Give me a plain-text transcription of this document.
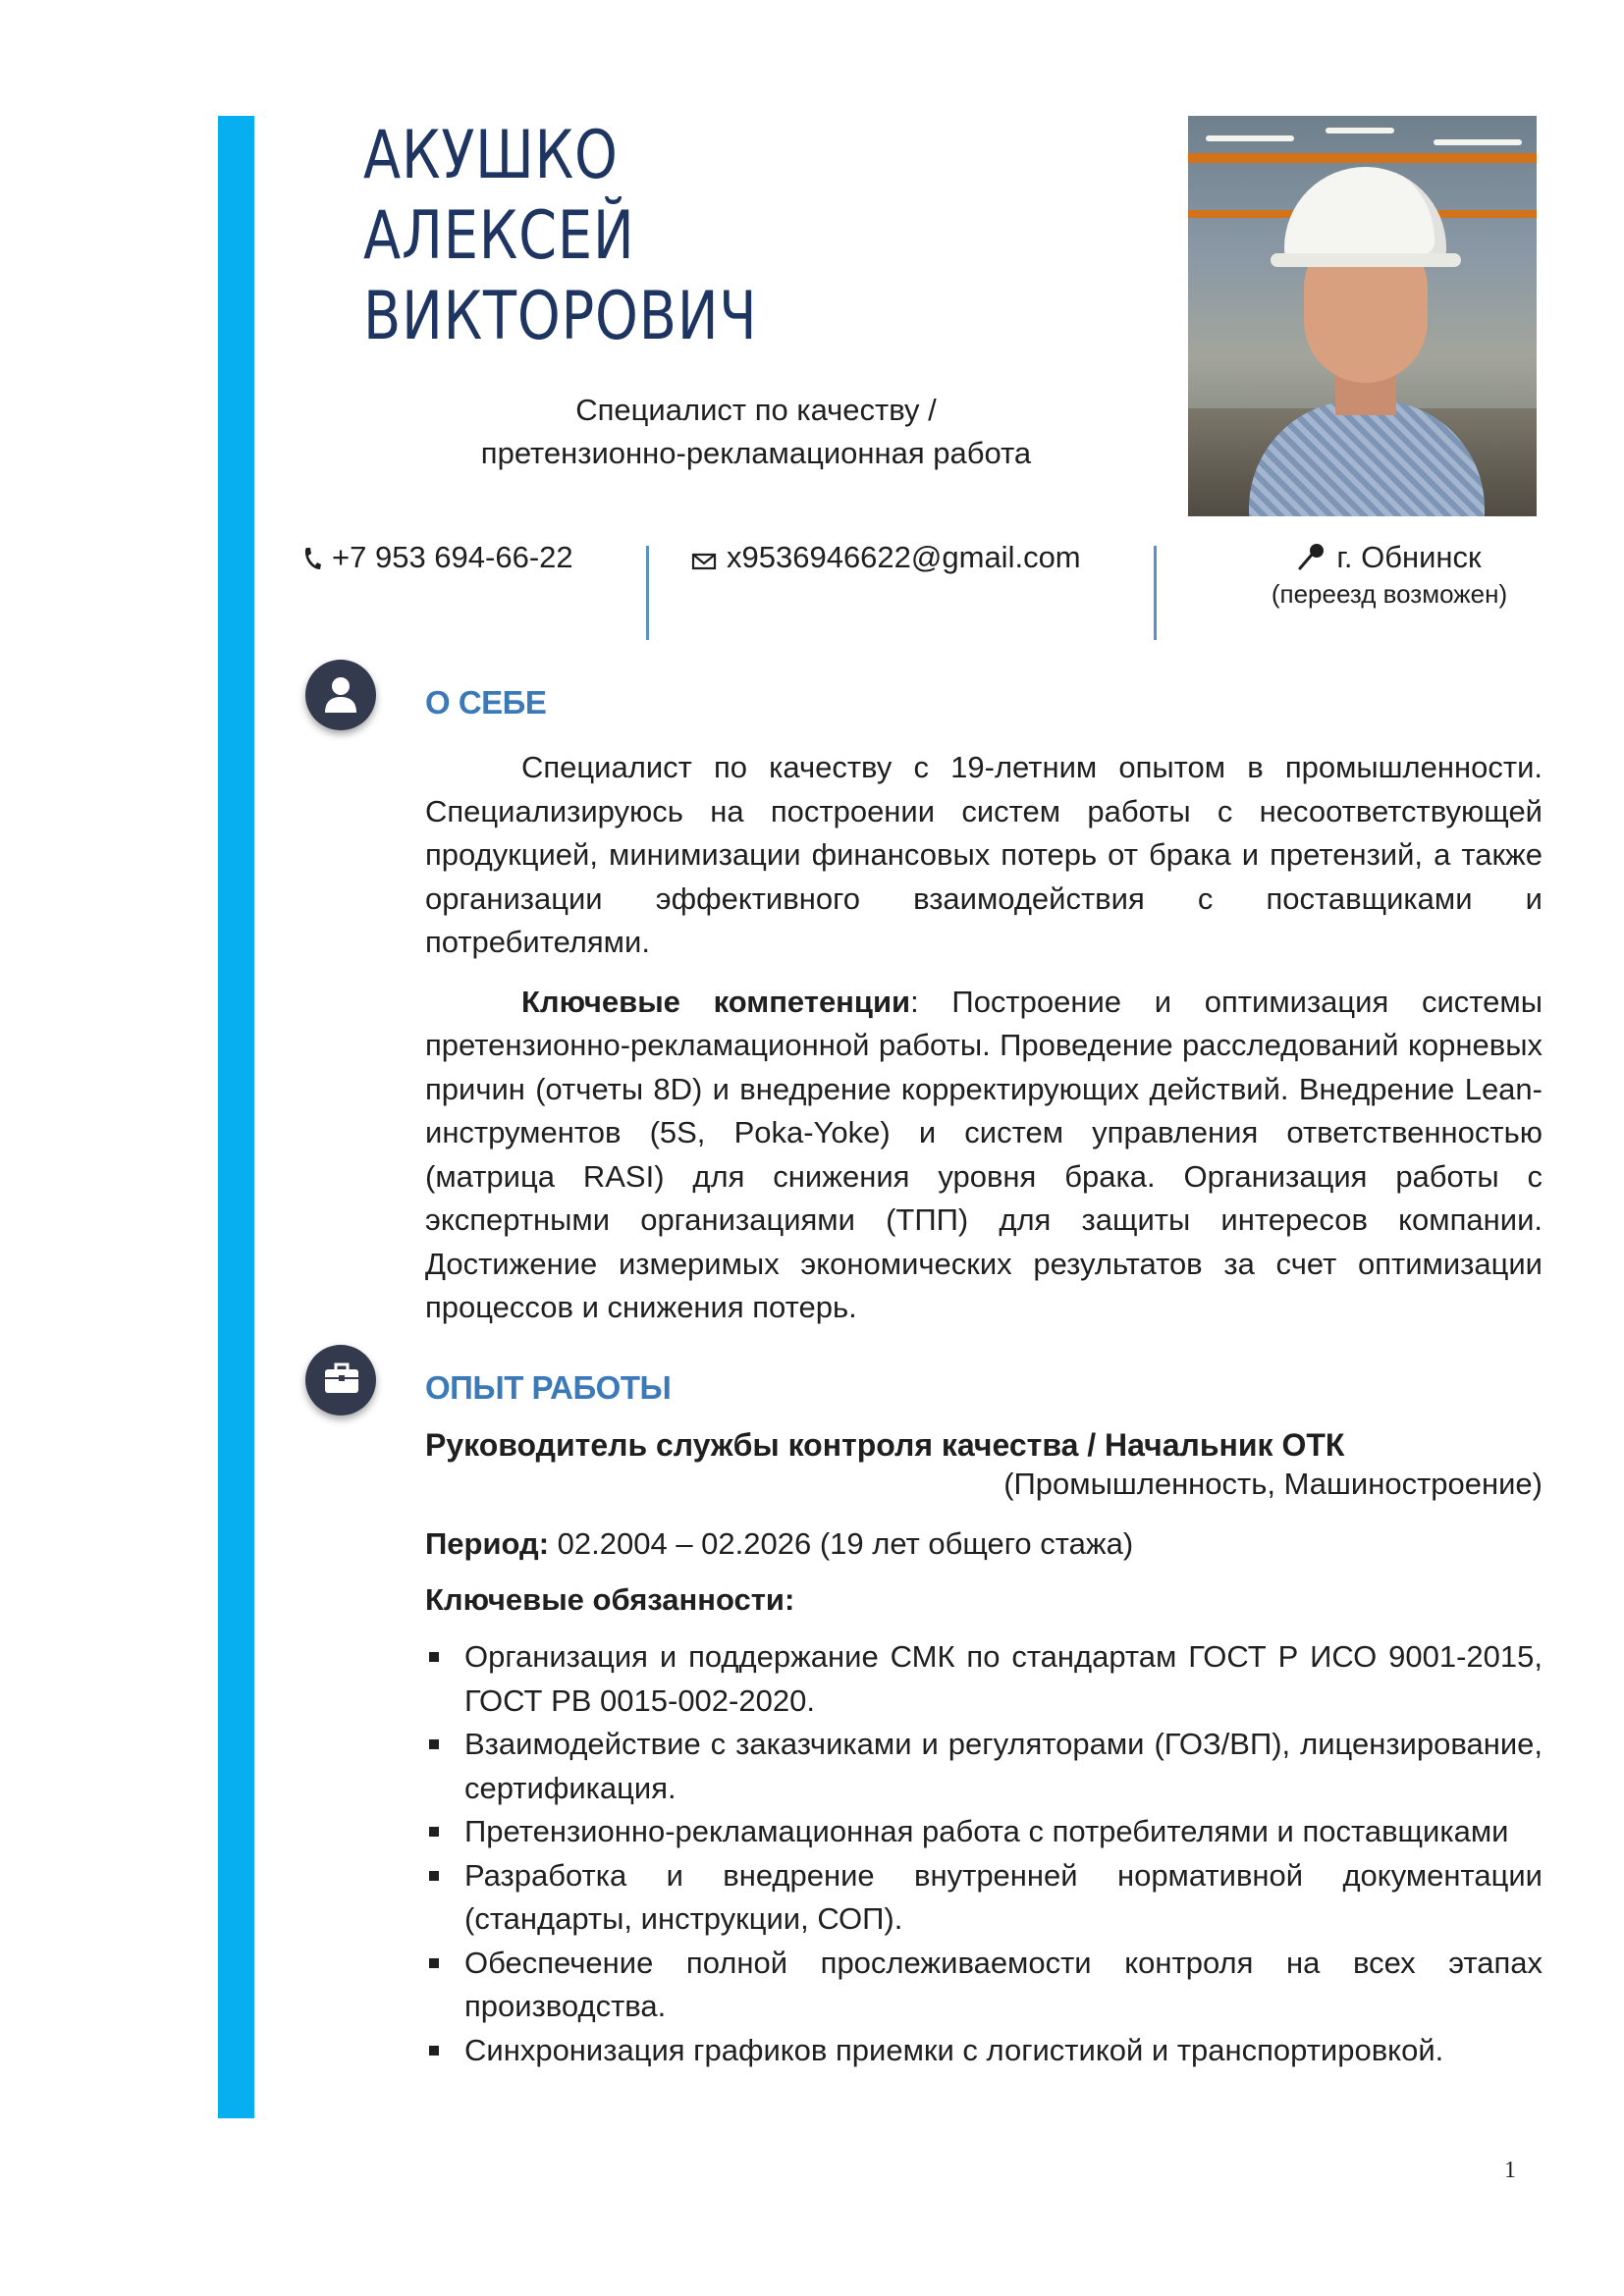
АКУШКО
АЛЕКСЕЙ
ВИКТОРОВИЧ
Специалист по качеству /
претензионно-рекламационная работа
+7 953 694-66-22	x9536946622@gmail.com	г. Обнинск
(переезд возможен)
О СЕБЕ

Специалист по качеству с 19-летним опытом в промышленности. Специализируюсь на построении систем работы с несоответствующей продукцией, минимизации финансовых потерь от брака и претензий, а также организации эффективного взаимодействия с поставщиками и потребителями.

Ключевые компетенции: Построение и оптимизация системы претензионно-рекламационной работы. Проведение расследований корневых причин (отчеты 8D) и внедрение корректирующих действий. Внедрение Lean-инструментов (5S, Poka-Yoke) и систем управления ответственностью (матрица RASI) для снижения уровня брака. Организация работы с экспертными организациями (ТПП) для защиты интересов компании. Достижение измеримых экономических результатов за счет оптимизации процессов и снижения потерь.

ОПЫТ РАБОТЫ
Руководитель службы контроля качества / Начальник ОТК
(Промышленность, Машиностроение)
Период: 02.2004 – 02.2026 (19 лет общего стажа)
Ключевые обязанности:
Организация и поддержание СМК по стандартам ГОСТ Р ИСО 9001-2015, ГОСТ РВ 0015-002-2020.
Взаимодействие с заказчиками и регуляторами (ГОЗ/ВП), лицензирование, сертификация.
Претензионно-рекламационная работа с потребителями и поставщиками
Разработка и внедрение внутренней нормативной документации (стандарты, инструкции, СОП).
Обеспечение полной прослеживаемости контроля на всех этапах производства.
Синхронизация графиков приемки с логистикой и транспортировкой.
1
